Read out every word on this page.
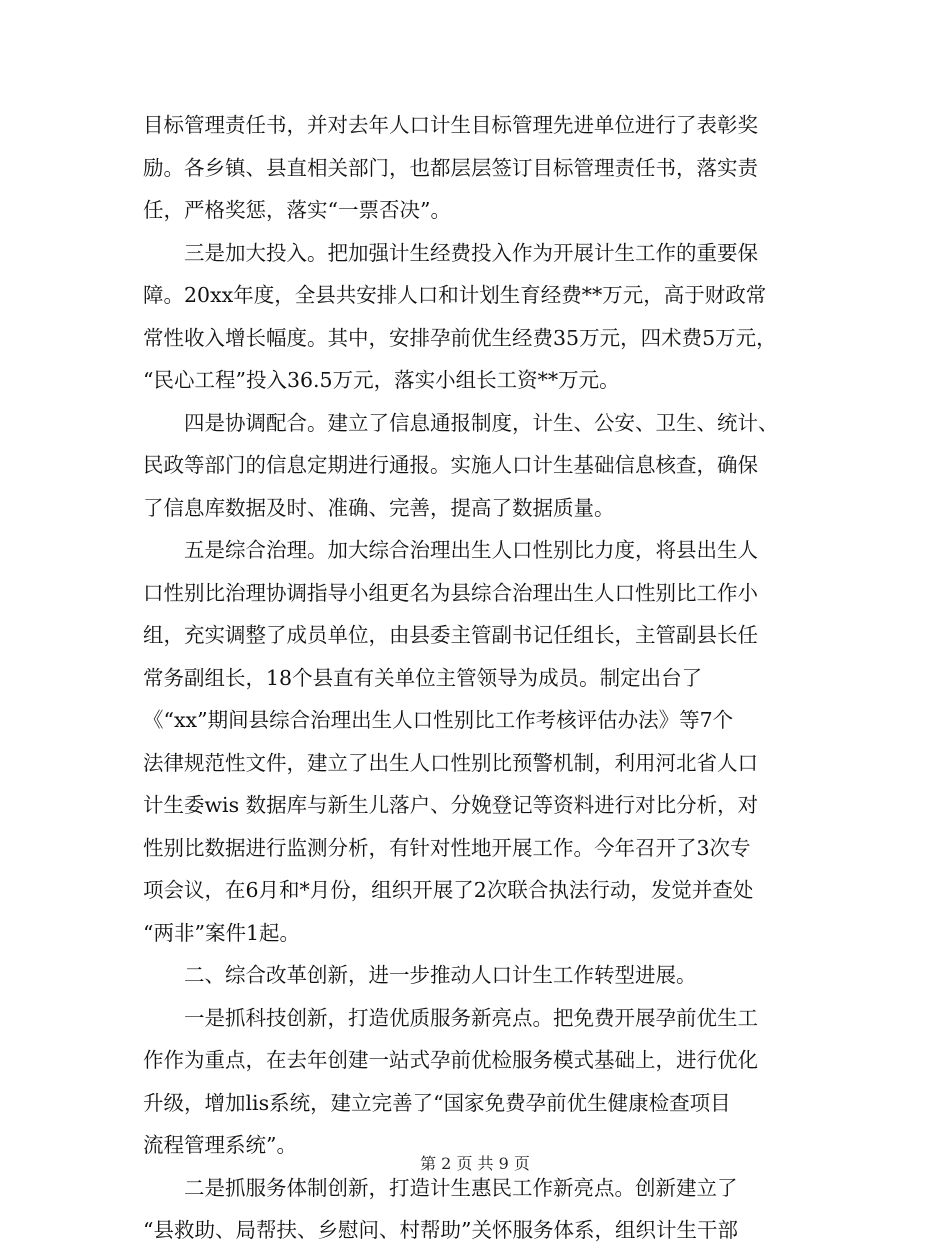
目标管理责任书，并对去年人口计生目标管理先进单位进行了表彰奖
励。各乡镇、县直相关部门，也都层层签订目标管理责任书，落实责
任，严格奖惩，落实“一票否决”。
　　三是加大投入。把加强计生经费投入作为开展计生工作的重要保
障。20xx年度，全县共安排人口和计划生育经费**万元，高于财政常
常性收入增长幅度。其中，安排孕前优生经费35万元，四术费5万元，
“民心工程”投入36.5万元，落实小组长工资**万元。
　　四是协调配合。建立了信息通报制度，计生、公安、卫生、统计、
民政等部门的信息定期进行通报。实施人口计生基础信息核查，确保
了信息库数据及时、准确、完善，提高了数据质量。
　　五是综合治理。加大综合治理出生人口性别比力度，将县出生人
口性别比治理协调指导小组更名为县综合治理出生人口性别比工作小
组，充实调整了成员单位，由县委主管副书记任组长，主管副县长任
常务副组长，18个县直有关单位主管领导为成员。制定出台了
《“xx”期间县综合治理出生人口性别比工作考核评估办法》等7个
法律规范性文件，建立了出生人口性别比预警机制，利用河北省人口
计生委wis 数据库与新生儿落户、分娩登记等资料进行对比分析，对
性别比数据进行监测分析，有针对性地开展工作。今年召开了3次专
项会议，在6月和*月份，组织开展了2次联合执法行动，发觉并查处
“两非”案件1起。
　　二、综合改革创新，进一步推动人口计生工作转型进展。
　　一是抓科技创新，打造优质服务新亮点。把免费开展孕前优生工
作作为重点，在去年创建一站式孕前优检服务模式基础上，进行优化
升级，增加lis系统，建立完善了“国家免费孕前优生健康检查项目
流程管理系统”。
　　二是抓服务体制创新，打造计生惠民工作新亮点。创新建立了
“县救助、局帮扶、乡慰问、村帮助”关怀服务体系，组织计生干部
第 2 页 共 9 页
